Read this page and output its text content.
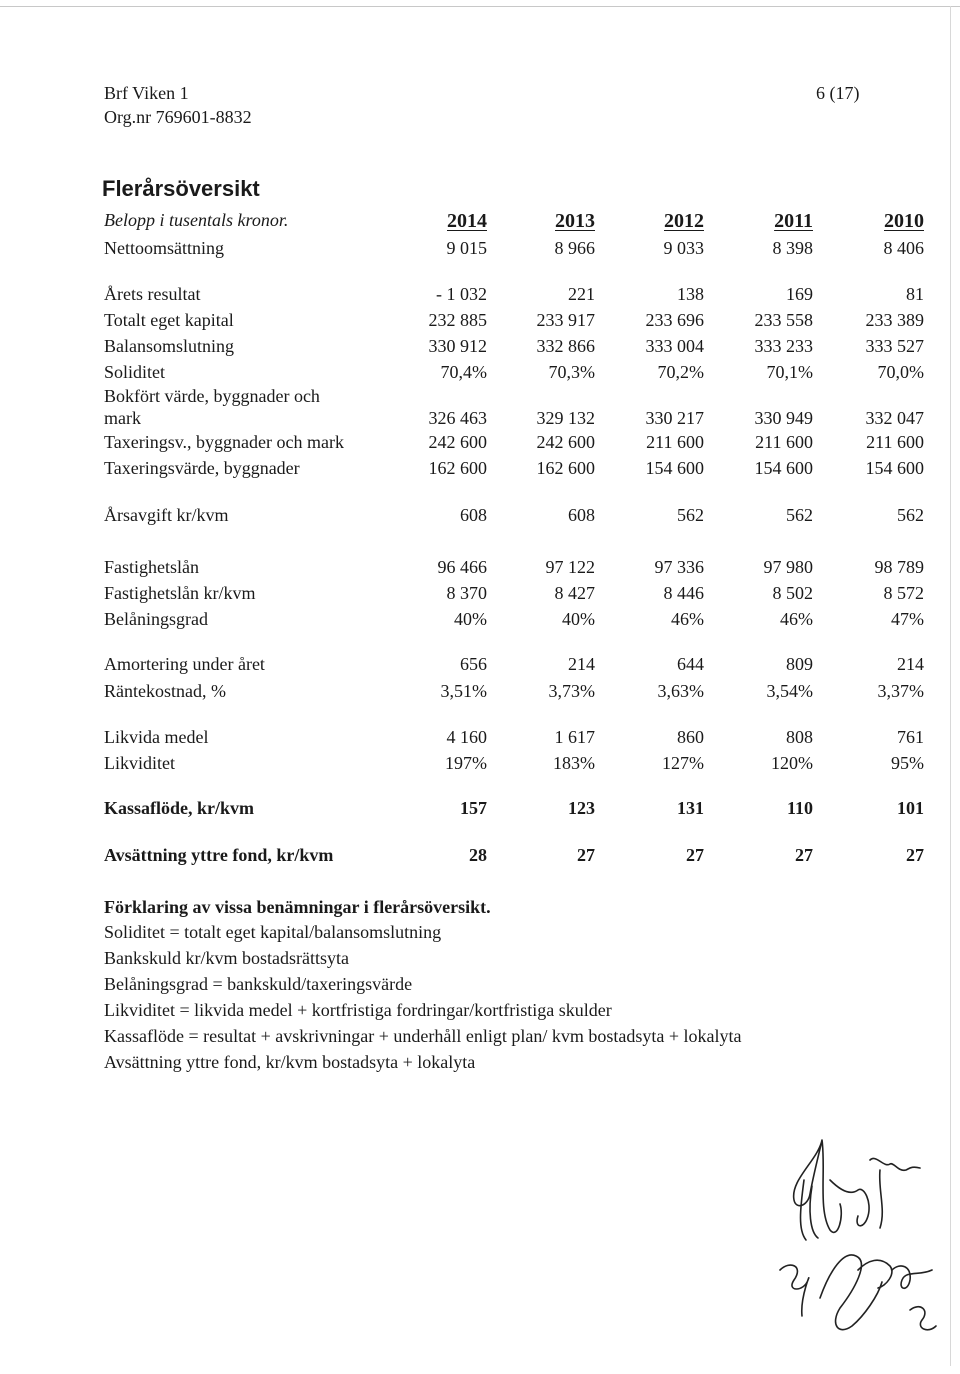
Brf Viken 1
Org.nr 769601-8832
6 (17)
Flerårsöversikt
Belopp i tusentals kronor.	2014	2013	2012	2011	2010
Nettoomsättning	9 015	8 966	9 033	8 398	8 406
Årets resultat	- 1 032	221	138	169	81
Totalt eget kapital	232 885	233 917	233 696	233 558	233 389
Balansomslutning	330 912	332 866	333 004	333 233	333 527
Soliditet	70,4%	70,3%	70,2%	70,1%	70,0%
Bokfört värde, byggnader och
mark	326 463	329 132	330 217	330 949	332 047
Taxeringsv., byggnader och mark	242 600	242 600	211 600	211 600	211 600
Taxeringsvärde, byggnader	162 600	162 600	154 600	154 600	154 600
Årsavgift kr/kvm	608	608	562	562	562
Fastighetslån	96 466	97 122	97 336	97 980	98 789
Fastighetslån kr/kvm	8 370	8 427	8 446	8 502	8 572
Belåningsgrad	40%	40%	46%	46%	47%
Amortering under året	656	214	644	809	214
Räntekostnad, %	3,51%	3,73%	3,63%	3,54%	3,37%
Likvida medel	4 160	1 617	860	808	761
Likviditet	197%	183%	127%	120%	95%
Kassaflöde, kr/kvm	157	123	131	110	101
Avsättning yttre fond, kr/kvm	28	27	27	27	27
Förklaring av vissa benämningar i flerårsöversikt.
Soliditet = totalt eget kapital/balansomslutning
Bankskuld kr/kvm bostadsrättsyta
Belåningsgrad = bankskuld/taxeringsvärde
Likviditet = likvida medel + kortfristiga fordringar/kortfristiga skulder
Kassaflöde = resultat + avskrivningar + underhåll enligt plan/ kvm bostadsyta + lokalyta
Avsättning yttre fond, kr/kvm bostadsyta + lokalyta
